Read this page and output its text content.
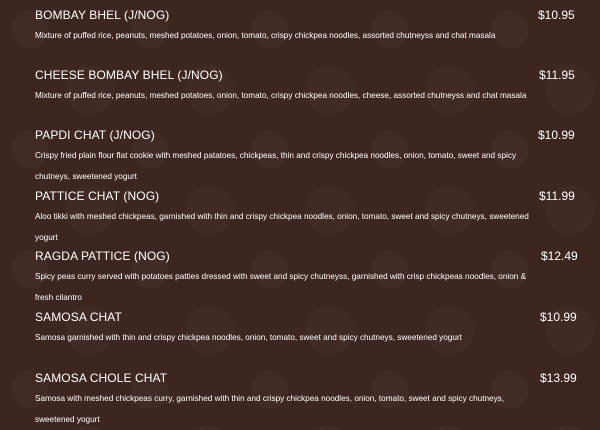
BOMBAY BHEL (J/NOG)	$10.95
Mixture of puffed rice, peanuts, meshed potatoes, onion, tomato, crispy chickpea noodles, assorted chutneyss and chat masala
CHEESE BOMBAY BHEL (J/NOG)	$11.95
Mixture of puffed rice, peanuts, meshed potatoes, onion, tomato, crispy chickpea noodles, cheese, assorted chutneyss and chat masala
PAPDI CHAT (J/NOG)	$10.99
Crispy fried plain flour flat cookie with meshed patatoes, chickpeas, thin and crispy chickpea noodles, onion, tomato, sweet and spicy chutneys, sweetened yogurt
PATTICE CHAT (NOG)	$11.99
Aloo tikki with meshed chickpeas, garnished with thin and crispy chickpea noodles, onion, tomato, sweet and spicy chutneys, sweetened yogurt
RAGDA PATTICE (NOG)	$12.49
Spicy peas curry served with potatoes patties dressed with sweet and spicy chutneyss, garnished with crisp chickpeas noodles, onion & fresh cilantro
SAMOSA CHAT	$10.99
Samosa garnished with thin and crispy chickpea noodles, onion, tomato, sweet and spicy chutneys, sweetened yogurt
SAMOSA CHOLE CHAT	$13.99
Samosa with meshed chickpeas curry, garnished with thin and crispy chickpea noodles, onion, tomato, sweet and spicy chutneys, sweetened yogurt
